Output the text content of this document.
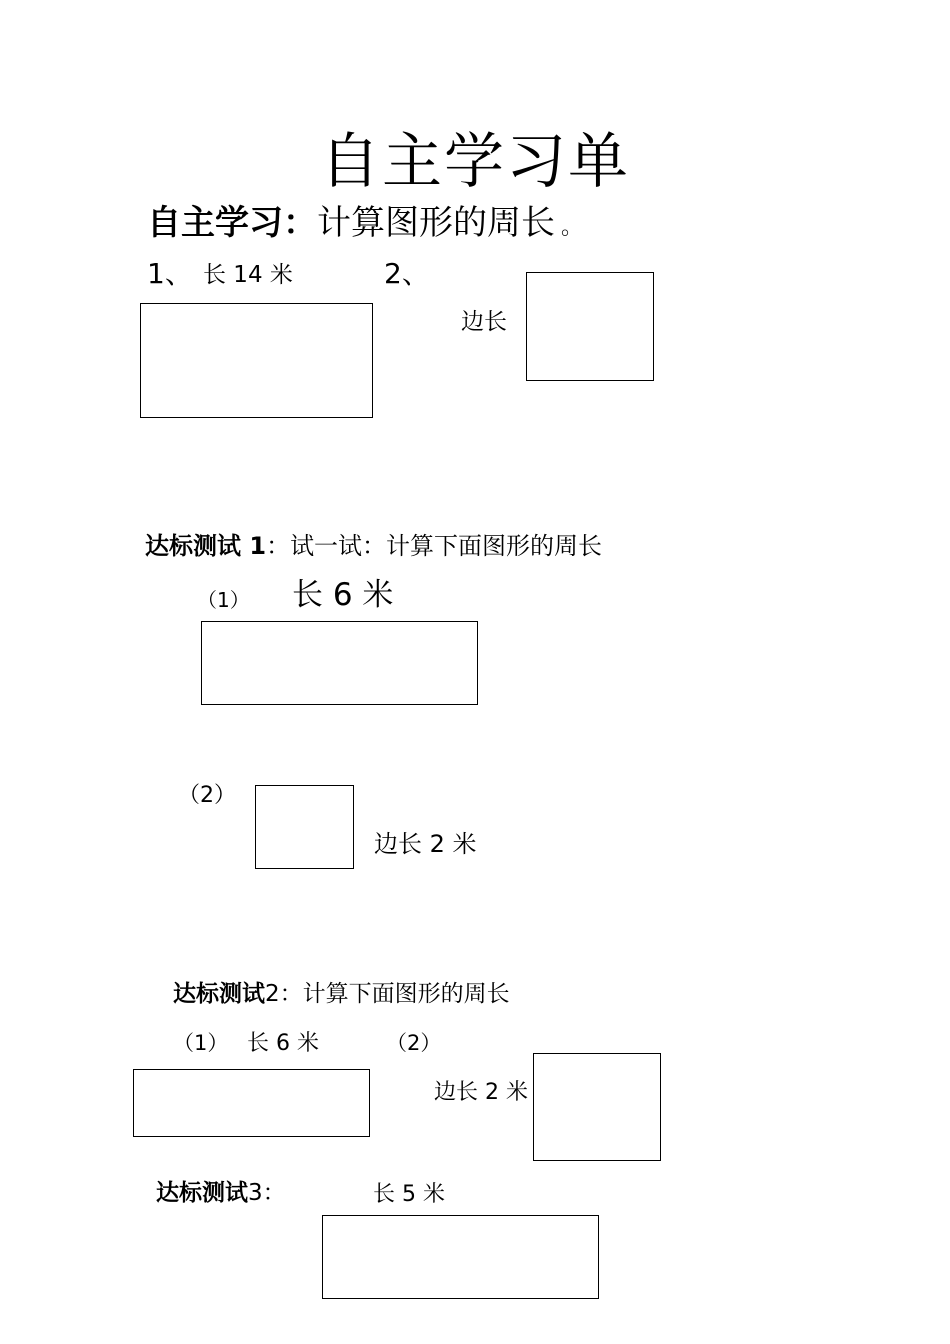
自主学习单
自主学习：计算图形的周长 。
1、 长 14 米	2、
边长
达标测试 1：试一试：计算下面图形的周长
（1） 长 6 米
（2）
边长 2 米
达标测试2：计算下面图形的周长
（1） 长 6 米	（2）
边长 2 米
达标测试3：	长 5 米
